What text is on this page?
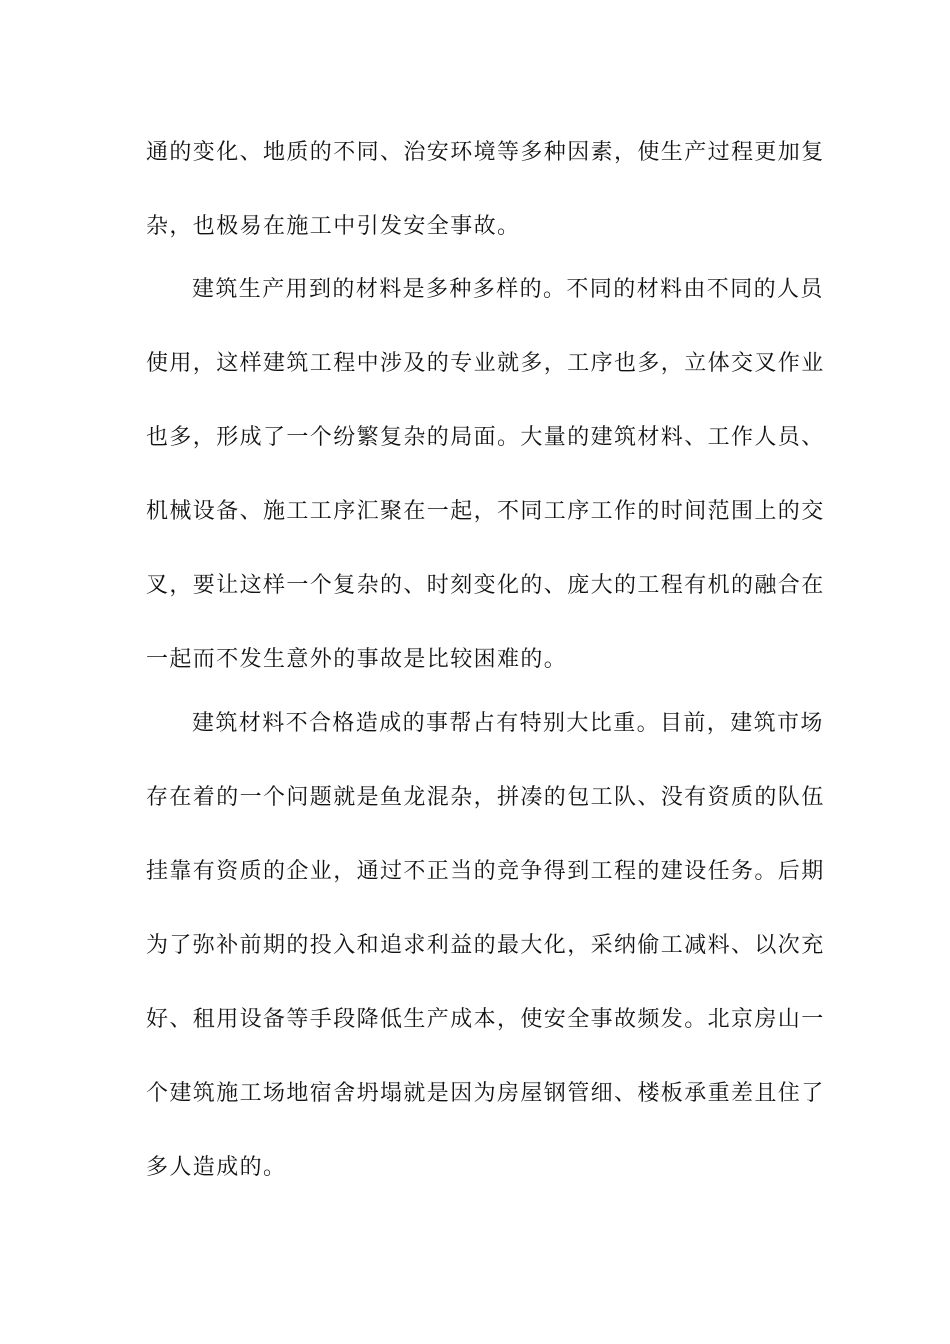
通的变化、地质的不同、治安环境等多种因素，使生产过程更加复
杂，也极易在施工中引发安全事故。
建筑生产用到的材料是多种多样的。不同的材料由不同的人员
使用，这样建筑工程中涉及的专业就多，工序也多，立体交叉作业
也多，形成了一个纷繁复杂的局面。大量的建筑材料、工作人员、
机械设备、施工工序汇聚在一起，不同工序工作的时间范围上的交
叉，要让这样一个复杂的、时刻变化的、庞大的工程有机的融合在
一起而不发生意外的事故是比较困难的。
建筑材料不合格造成的事帮占有特别大比重。目前，建筑市场
存在着的一个问题就是鱼龙混杂，拼凑的包工队、没有资质的队伍
挂靠有资质的企业，通过不正当的竞争得到工程的建设任务。后期
为了弥补前期的投入和追求利益的最大化，采纳偷工减料、以次充
好、租用设备等手段降低生产成本，使安全事故频发。北京房山一
个建筑施工场地宿舍坍塌就是因为房屋钢管细、楼板承重差且住了
多人造成的。
